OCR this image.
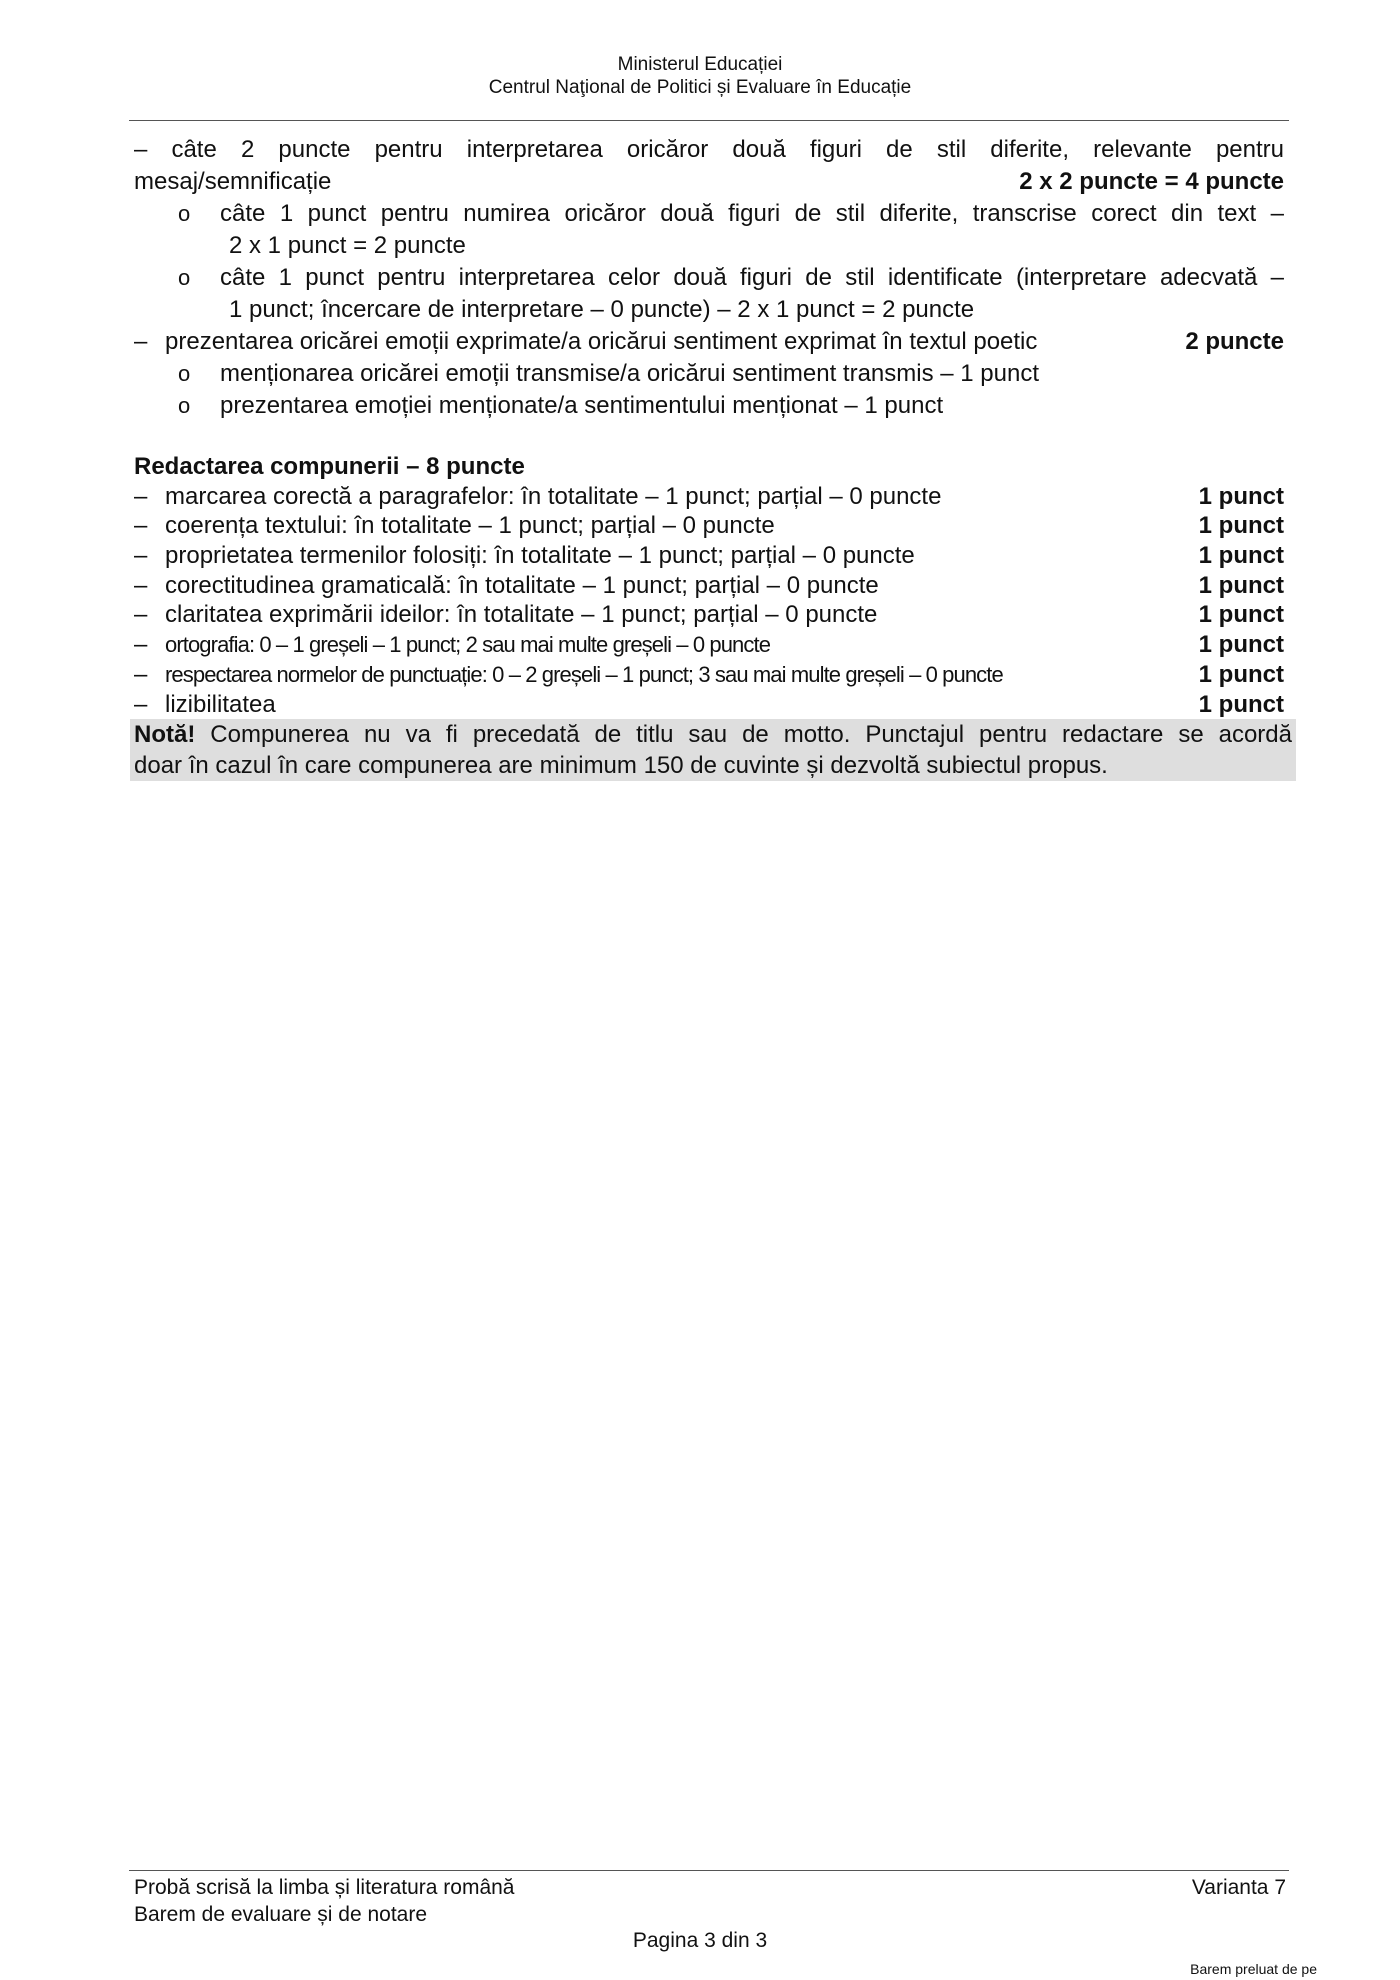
Ministerul Educației
Centrul Naţional de Politici și Evaluare în Educație
– câte 2 puncte pentru interpretarea oricăror două figuri de stil diferite, relevante pentru
mesaj/semnificație	2 x 2 puncte = 4 puncte
o câte 1 punct pentru numirea oricăror două figuri de stil diferite, transcrise corect din text –
2 x 1 punct = 2 puncte
o câte 1 punct pentru interpretarea celor două figuri de stil identificate (interpretare adecvată –
1 punct; încercare de interpretare – 0 puncte) – 2 x 1 punct = 2 puncte
– prezentarea oricărei emoții exprimate/a oricărui sentiment exprimat în textul poetic	2 puncte
o menționarea oricărei emoții transmise/a oricărui sentiment transmis – 1 punct
o prezentarea emoției menționate/a sentimentului menționat – 1 punct
Redactarea compunerii – 8 puncte
– marcarea corectă a paragrafelor: în totalitate – 1 punct; parțial – 0 puncte	1 punct
– coerența textului: în totalitate – 1 punct; parțial – 0 puncte	1 punct
– proprietatea termenilor folosiți: în totalitate – 1 punct; parțial – 0 puncte	1 punct
– corectitudinea gramaticală: în totalitate – 1 punct; parțial – 0 puncte	1 punct
– claritatea exprimării ideilor: în totalitate – 1 punct; parțial – 0 puncte	1 punct
– ortografia: 0 – 1 greșeli – 1 punct; 2 sau mai multe greșeli – 0 puncte	1 punct
– respectarea normelor de punctuație: 0 – 2 greșeli – 1 punct; 3 sau mai multe greșeli – 0 puncte	1 punct
– lizibilitatea	1 punct

Notă! Compunerea nu va fi precedată de titlu sau de motto. Punctajul pentru redactare se acordă

doar în cazul în care compunerea are minimum 150 de cuvinte și dezvoltă subiectul propus.

Probă scrisă la limba și literatura română
Barem de evaluare și de notare
Varianta 7
Pagina 3 din 3
Barem preluat de pe
